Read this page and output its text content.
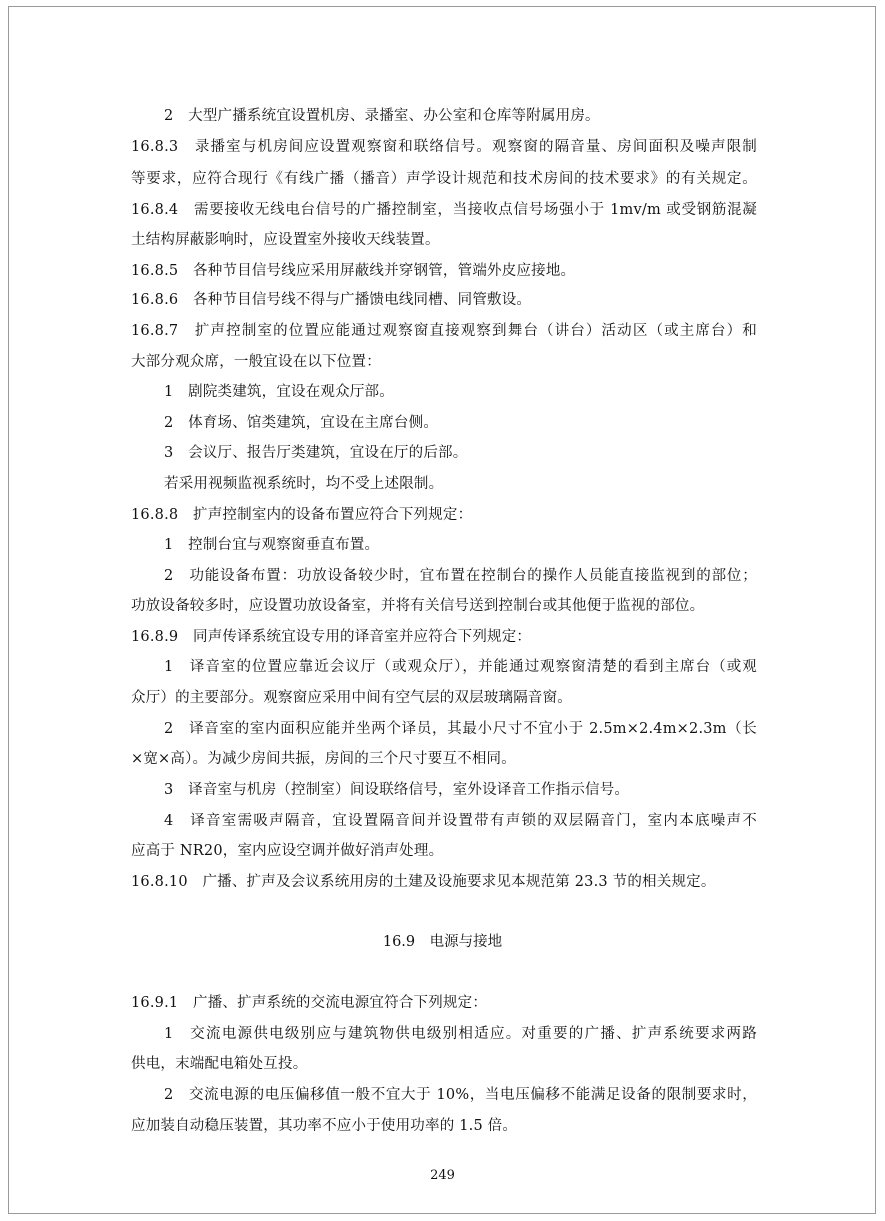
2　大型广播系统宜设置机房、录播室、办公室和仓库等附属用房。
16.8.3　录播室与机房间应设置观察窗和联络信号。观察窗的隔音量、房间面积及噪声限制
等要求，应符合现行《有线广播（播音）声学设计规范和技术房间的技术要求》的有关规定。
16.8.4　需要接收无线电台信号的广播控制室，当接收点信号场强小于 1mv/m 或受钢筋混凝
土结构屏蔽影响时，应设置室外接收天线装置。
16.8.5　各种节目信号线应采用屏蔽线并穿钢管，管端外皮应接地。
16.8.6　各种节目信号线不得与广播馈电线同槽、同管敷设。
16.8.7　扩声控制室的位置应能通过观察窗直接观察到舞台（讲台）活动区（或主席台）和
大部分观众席，一般宜设在以下位置：
1　剧院类建筑，宜设在观众厅部。
2　体育场、馆类建筑，宜设在主席台侧。
3　会议厅、报告厅类建筑，宜设在厅的后部。
若采用视频监视系统时，均不受上述限制。
16.8.8　扩声控制室内的设备布置应符合下列规定：
1　控制台宜与观察窗垂直布置。
2　功能设备布置：功放设备较少时，宜布置在控制台的操作人员能直接监视到的部位；
功放设备较多时，应设置功放设备室，并将有关信号送到控制台或其他便于监视的部位。
16.8.9　同声传译系统宜设专用的译音室并应符合下列规定：
1　译音室的位置应靠近会议厅（或观众厅），并能通过观察窗清楚的看到主席台（或观
众厅）的主要部分。观察窗应采用中间有空气层的双层玻璃隔音窗。
2　译音室的室内面积应能并坐两个译员，其最小尺寸不宜小于 2.5m×2.4m×2.3m（长
×宽×高）。为减少房间共振，房间的三个尺寸要互不相同。
3　译音室与机房（控制室）间设联络信号，室外设译音工作指示信号。
4　译音室需吸声隔音，宜设置隔音间并设置带有声锁的双层隔音门，室内本底噪声不
应高于 NR20，室内应设空调并做好消声处理。
16.8.10　广播、扩声及会议系统用房的土建及设施要求见本规范第 23.3 节的相关规定。
16.9　电源与接地
16.9.1　广播、扩声系统的交流电源宜符合下列规定：
1　交流电源供电级别应与建筑物供电级别相适应。对重要的广播、扩声系统要求两路
供电，末端配电箱处互投。
2　交流电源的电压偏移值一般不宜大于 10%，当电压偏移不能满足设备的限制要求时，
应加装自动稳压装置，其功率不应小于使用功率的 1.5 倍。
249
